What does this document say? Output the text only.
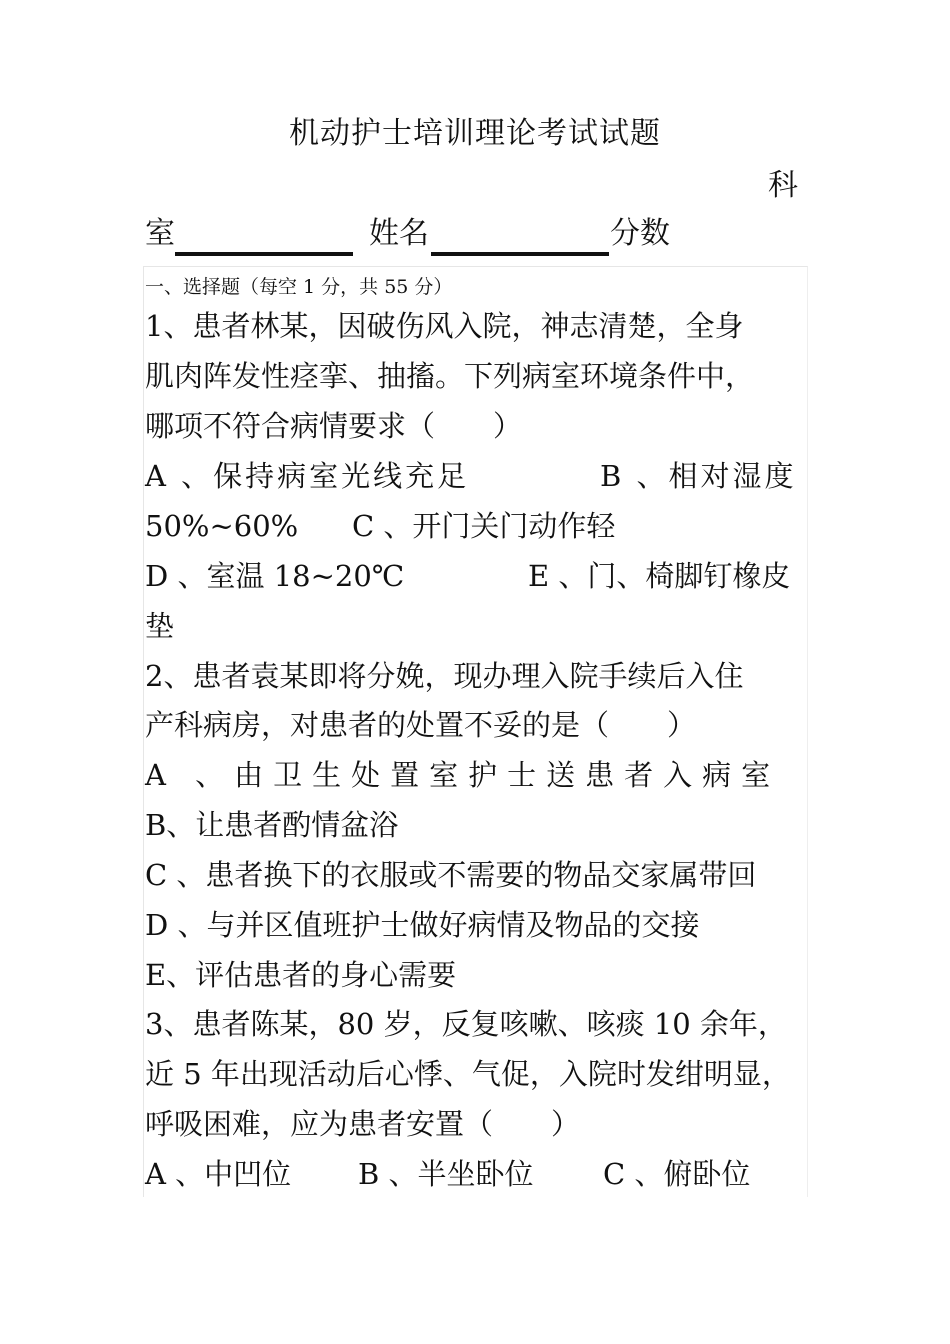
机动护士培训理论考试试题
科
室	姓名	分数
一、选择题（每空 1 分，共 55 分）
1、患者林某，因破伤风入院，神志清楚，全身
肌肉阵发性痉挛、抽搐。下列病室环境条件中，
哪项不符合病情要求（　　）
A 、保持病室光线充足	B 、相对湿度
50%~60% C 、开门关门动作轻
D 、室温 18~20℃	E 、门、椅脚钉橡皮
垫
2、患者袁某即将分娩，现办理入院手续后入住
产科病房，对患者的处置不妥的是（　　）
A 、由卫生处置室护士送患者入病室
B、让患者酌情盆浴
C 、患者换下的衣服或不需要的物品交家属带回
D 、与并区值班护士做好病情及物品的交接
E、评估患者的身心需要
3、患者陈某，80 岁，反复咳嗽、咳痰 10 余年，
近 5 年出现活动后心悸、气促，入院时发绀明显，
呼吸困难，应为患者安置（　　）
A 、中凹位 B 、半坐卧位 C 、俯卧位
